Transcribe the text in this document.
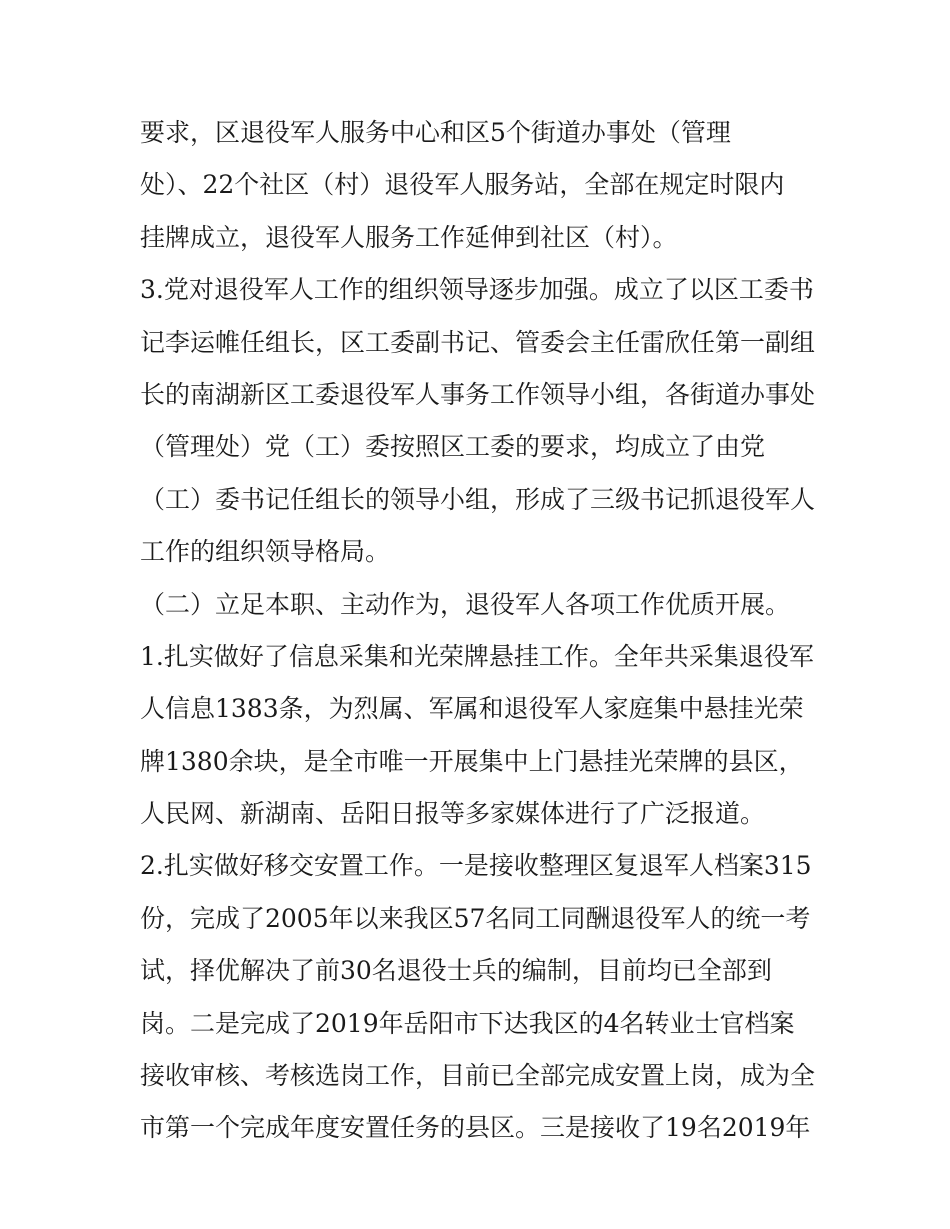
要求，区退役军人服务中心和区5个街道办事处（管理
处）、22个社区（村）退役军人服务站，全部在规定时限内
挂牌成立，退役军人服务工作延伸到社区（村）。
3.党对退役军人工作的组织领导逐步加强。成立了以区工委书
记李运帷任组长，区工委副书记、管委会主任雷欣任第一副组
长的南湖新区工委退役军人事务工作领导小组，各街道办事处
（管理处）党（工）委按照区工委的要求，均成立了由党
（工）委书记任组长的领导小组，形成了三级书记抓退役军人
工作的组织领导格局。
（二）立足本职、主动作为，退役军人各项工作优质开展。
1.扎实做好了信息采集和光荣牌悬挂工作。全年共采集退役军
人信息1383条，为烈属、军属和退役军人家庭集中悬挂光荣
牌1380余块，是全市唯一开展集中上门悬挂光荣牌的县区，
人民网、新湖南、岳阳日报等多家媒体进行了广泛报道。
2.扎实做好移交安置工作。一是接收整理区复退军人档案315
份，完成了2005年以来我区57名同工同酬退役军人的统一考
试，择优解决了前30名退役士兵的编制，目前均已全部到
岗。二是完成了2019年岳阳市下达我区的4名转业士官档案
接收审核、考核选岗工作，目前已全部完成安置上岗，成为全
市第一个完成年度安置任务的县区。三是接收了19名2019年
